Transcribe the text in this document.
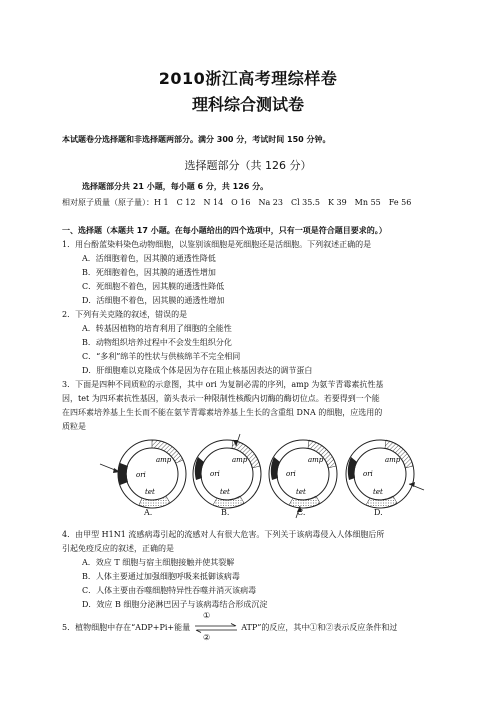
2010浙江高考理综样卷
理科综合测试卷
本试题卷分选择题和非选择题两部分。满分 300 分，考试时间 150 分钟。
选择题部分（共 126 分）
选择题部分共 21 小题，每小题 6 分，共 126 分。
相对原子质量（原子量）：H 1　C 12　N 14　O 16　Na 23　Cl 35.5　K 39　Mn 55　Fe 56
一、选择题（本题共 17 小题。在每小题给出的四个选项中，只有一项是符合题目要求的。）
1．用台酚蓝染料染色动物细胞，以鉴别该细胞是死细胞还是活细胞。下列叙述正确的是
A．活细胞着色，因其膜的通透性降低
B．死细胞着色，因其膜的通透性增加
C．死细胞不着色，因其膜的通透性降低
D．活细胞不着色，因其膜的通透性增加
2．下列有关克隆的叙述，错误的是
A．转基因植物的培育利用了细胞的全能性
B．动物组织培养过程中不会发生组织分化
C．“多利”绵羊的性状与供核绵羊不完全相同
D．肝细胞难以克隆成个体是因为存在阻止核基因表达的调节蛋白
3．下面是四种不同质粒的示意图，其中 ori 为复制必需的序列，amp 为氨苄青霉素抗性基
因，tet 为四环素抗性基因，箭头表示一种限制性核酸内切酶的酶切位点。若要得到一个能
在四环素培养基上生长而不能在氨苄青霉素培养基上生长的含重组 DNA 的细胞，应选用的
质粒是
ori
amp
tet
ori
amp
tet
ori
amp
tet
ori
amp
tet
A.	B.	C.	D.
4．由甲型 H1N1 流感病毒引起的流感对人有很大危害。下列关于该病毒侵入人体细胞后所
引起免疫反应的叙述，正确的是
A．效应 T 细胞与宿主细胞接触并使其裂解
B．人体主要通过加强细胞呼吸来抵御该病毒
C．人体主要由吞噬细胞特异性吞噬并消灭该病毒
D．效应 B 细胞分泌淋巴因子与该病毒结合形成沉淀
①
5．植物细胞中存在“ADP+Pi+能量	ATP”的反应，其中①和②表示反应条件和过
②
